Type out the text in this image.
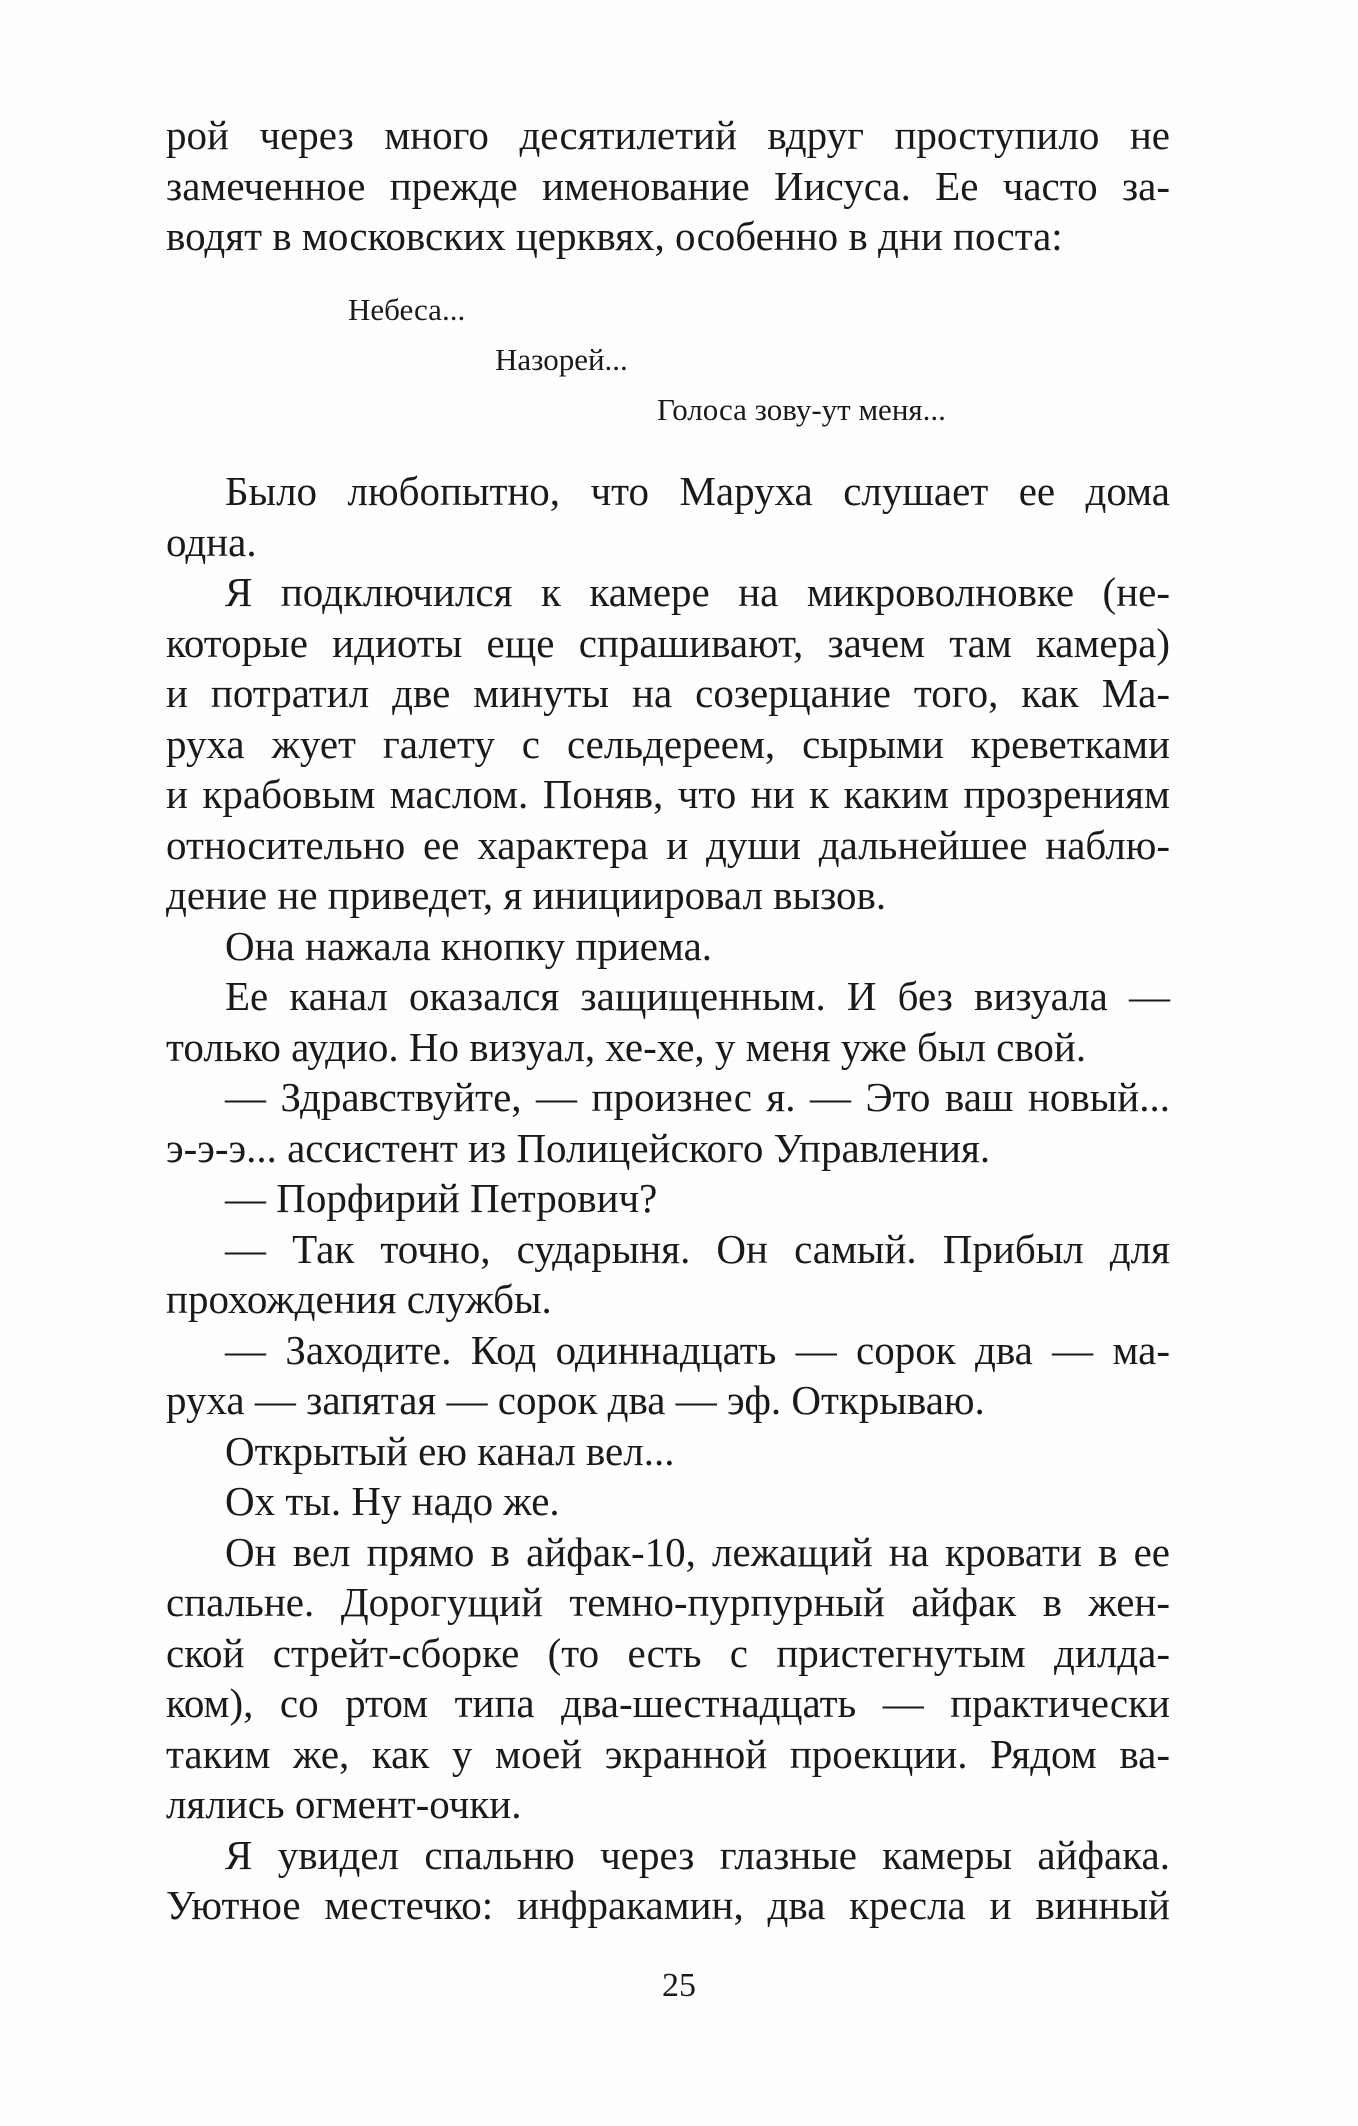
рой через много десятилетий вдруг проступило не
замеченное прежде именование Иисуса. Ее часто за-
водят в московских церквях, особенно в дни поста:
Небеса...
Назорей...
Голоса зову-ут меня...
Было любопытно, что Маруха слушает ее дома
одна.
Я подключился к камере на микроволновке (не-
которые идиоты еще спрашивают, зачем там камера)
и потратил две минуты на созерцание того, как Ма-
руха жует галету с сельдереем, сырыми креветками
и крабовым маслом. Поняв, что ни к каким прозрениям
относительно ее характера и души дальнейшее наблю-
дение не приведет, я инициировал вызов.
Она нажала кнопку приема.
Ее канал оказался защищенным. И без визуала —
только аудио. Но визуал, хе-хе, у меня уже был свой.
— Здравствуйте, — произнес я. — Это ваш новый...
э-э-э... ассистент из Полицейского Управления.
— Порфирий Петрович?
— Так точно, сударыня. Он самый. Прибыл для
прохождения службы.
— Заходите. Код одиннадцать — сорок два — ма-
руха — запятая — сорок два — эф. Открываю.
Открытый ею канал вел...
Ох ты. Ну надо же.
Он вел прямо в айфак-10, лежащий на кровати в ее
спальне. Дорогущий темно-пурпурный айфак в жен-
ской стрейт-сборке (то есть с пристегнутым дилда-
ком), со ртом типа два-шестнадцать — практически
таким же, как у моей экранной проекции. Рядом ва-
лялись огмент-очки.
Я увидел спальню через глазные камеры айфака.
Уютное местечко: инфракамин, два кресла и винный
25
